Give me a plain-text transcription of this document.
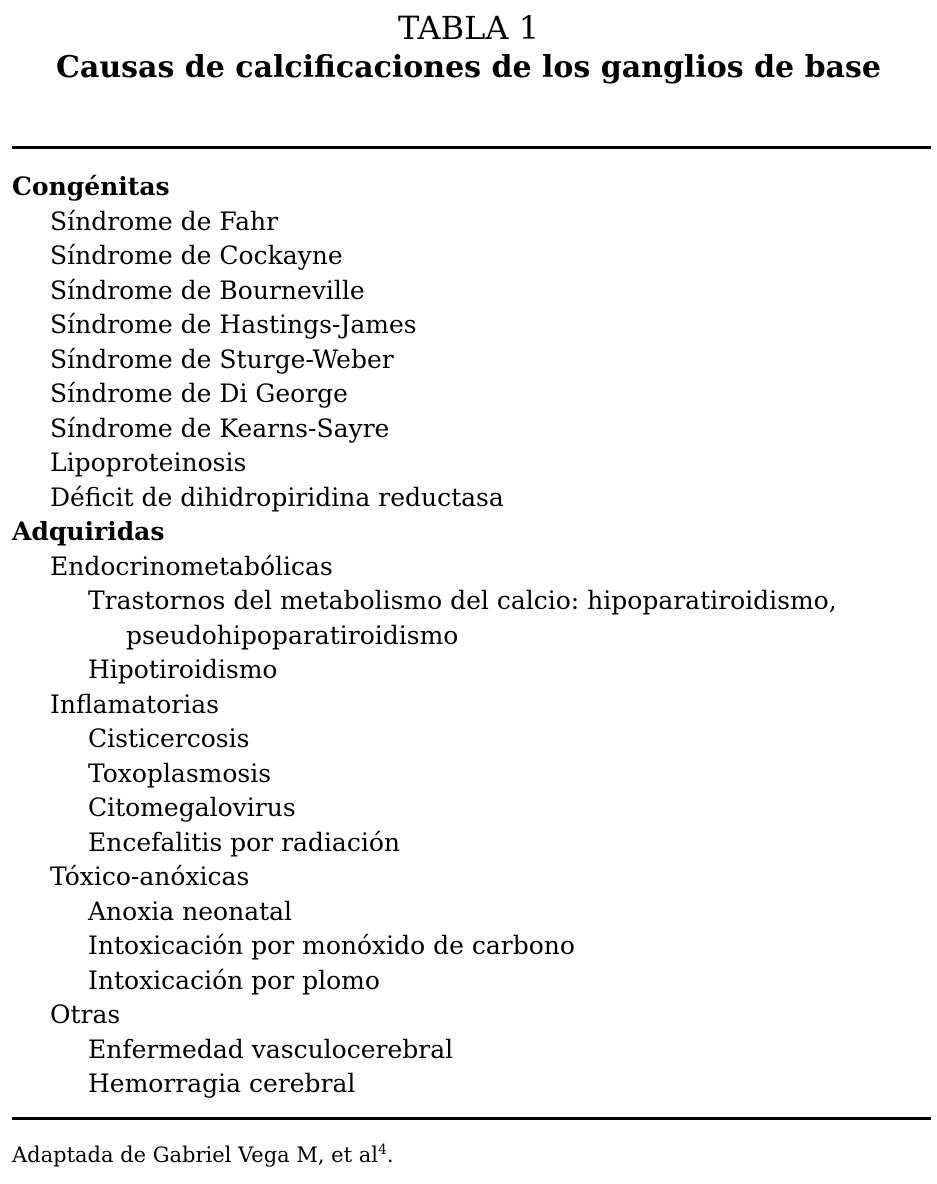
TABLA 1
Causas de calcificaciones de los ganglios de base
Congénitas
Síndrome de Fahr
Síndrome de Cockayne
Síndrome de Bourneville
Síndrome de Hastings-James
Síndrome de Sturge-Weber
Síndrome de Di George
Síndrome de Kearns-Sayre
Lipoproteinosis
Déficit de dihidropiridina reductasa
Adquiridas
Endocrinometabólicas
Trastornos del metabolismo del calcio: hipoparatiroidismo, pseudohipoparatiroidismo
Hipotiroidismo
Inflamatorias
Cisticercosis
Toxoplasmosis
Citomegalovirus
Encefalitis por radiación
Tóxico-anóxicas
Anoxia neonatal
Intoxicación por monóxido de carbono
Intoxicación por plomo
Otras
Enfermedad vasculocerebral
Hemorragia cerebral
Adaptada de Gabriel Vega M, et $al^4$.
